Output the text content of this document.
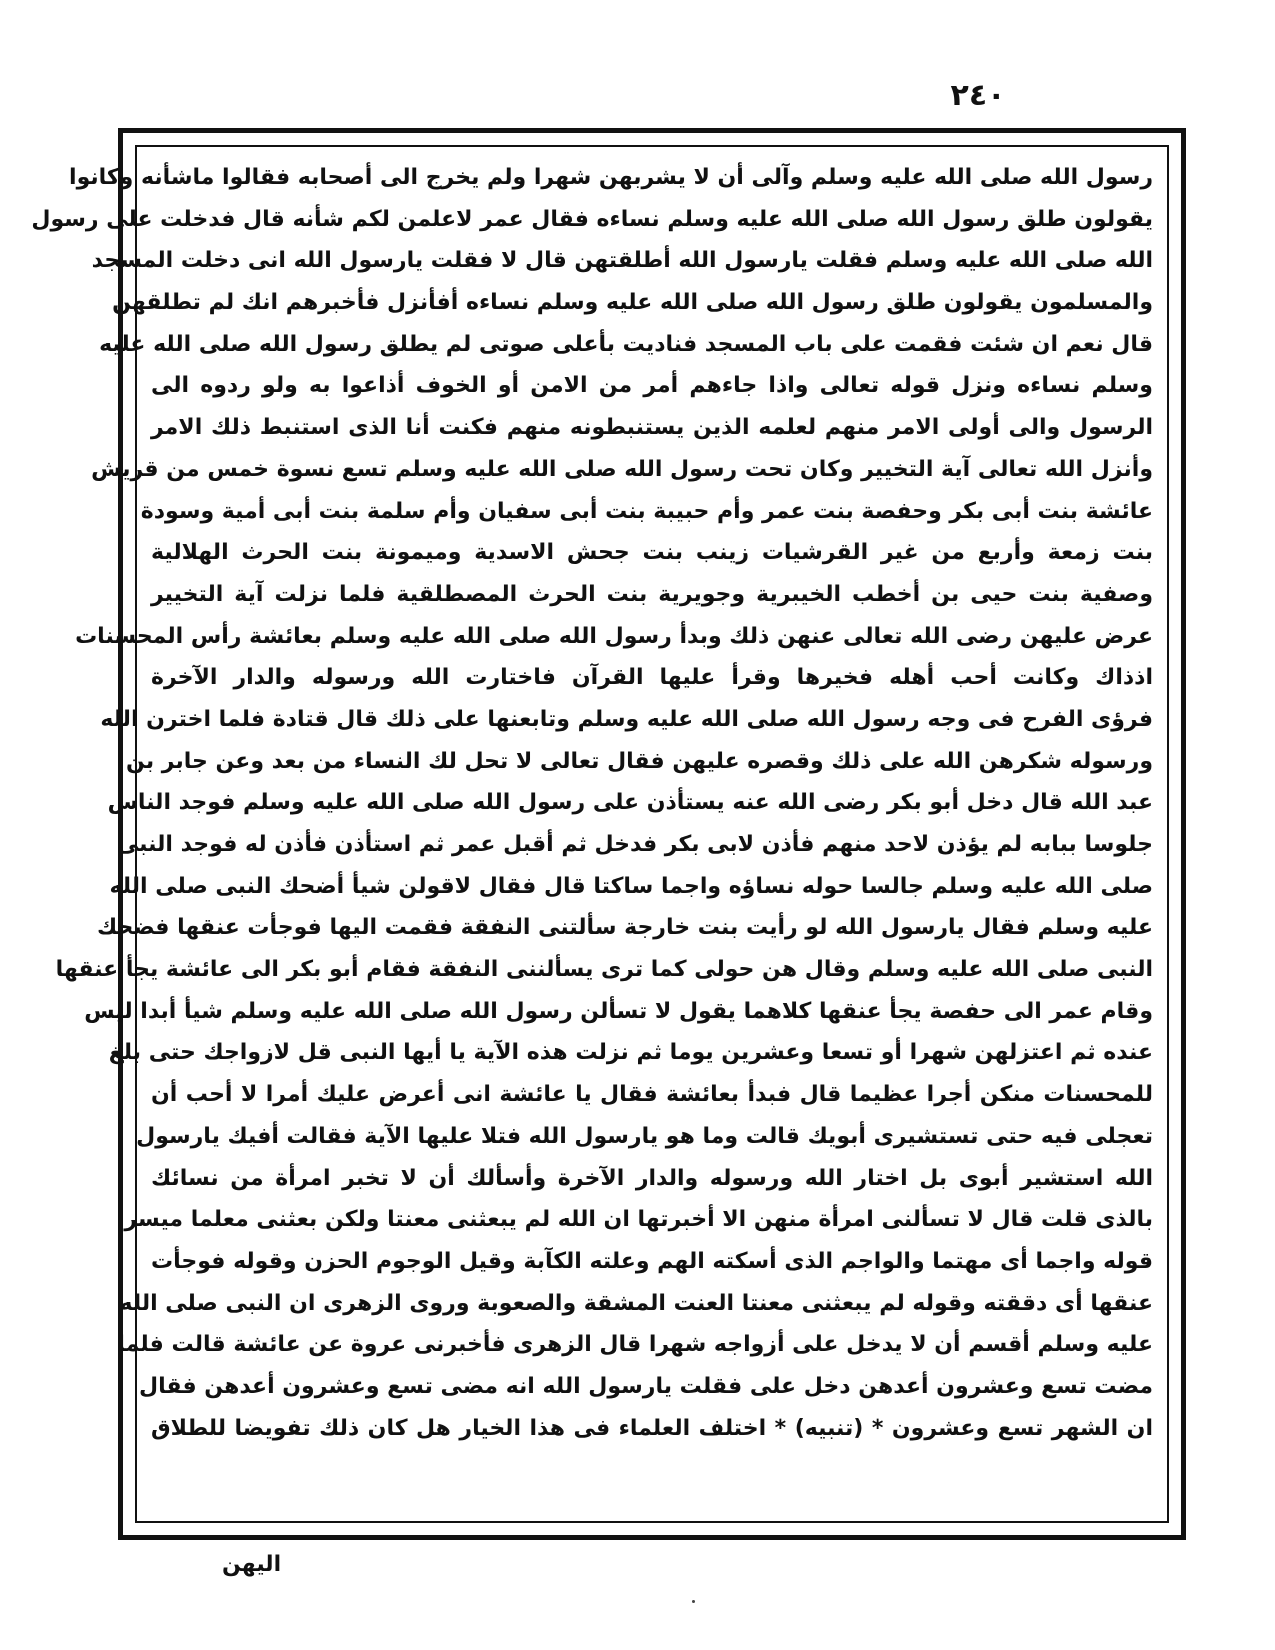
٢٤٠
رسول الله صلى الله عليه وسلم وآلى أن لا يشربهن شهرا ولم يخرج الى أصحابه فقالوا ماشأنه وكانوا
يقولون طلق رسول الله صلى الله عليه وسلم نساءه فقال عمر لاعلمن لكم شأنه قال فدخلت على رسول
الله صلى الله عليه وسلم فقلت يارسول الله أطلقتهن قال لا فقلت يارسول الله انى دخلت المسجد
والمسلمون يقولون طلق رسول الله صلى الله عليه وسلم نساءه أفأنزل فأخبرهم انك لم تطلقهن
قال نعم ان شئت فقمت على باب المسجد فناديت بأعلى صوتى لم يطلق رسول الله صلى الله عليه
وسلم نساءه ونزل قوله تعالى واذا جاءهم أمر من الامن أو الخوف أذاعوا به ولو ردوه الى
الرسول والى أولى الامر منهم لعلمه الذين يستنبطونه منهم فكنت أنا الذى استنبط ذلك الامر
وأنزل الله تعالى آية التخيير وكان تحت رسول الله صلى الله عليه وسلم تسع نسوة خمس من قريش
عائشة بنت أبى بكر وحفصة بنت عمر وأم حبيبة بنت أبى سفيان وأم سلمة بنت أبى أمية وسودة
بنت زمعة وأربع من غير القرشيات زينب بنت جحش الاسدية وميمونة بنت الحرث الهلالية
وصفية بنت حيى بن أخطب الخيبرية وجويرية بنت الحرث المصطلقية فلما نزلت آية التخيير
عرض عليهن رضى الله تعالى عنهن ذلك وبدأ رسول الله صلى الله عليه وسلم بعائشة رأس المحسنات
اذذاك وكانت أحب أهله فخيرها وقرأ عليها القرآن فاختارت الله ورسوله والدار الآخرة
فرؤى الفرح فى وجه رسول الله صلى الله عليه وسلم وتابعنها على ذلك قال قتادة فلما اخترن الله
ورسوله شكرهن الله على ذلك وقصره عليهن فقال تعالى لا تحل لك النساء من بعد وعن جابر بن
عبد الله قال دخل أبو بكر رضى الله عنه يستأذن على رسول الله صلى الله عليه وسلم فوجد الناس
جلوسا ببابه لم يؤذن لاحد منهم فأذن لابى بكر فدخل ثم أقبل عمر ثم استأذن فأذن له فوجد النبى
صلى الله عليه وسلم جالسا حوله نساؤه واجما ساكتا قال فقال لاقولن شيأ أضحك النبى صلى الله
عليه وسلم فقال يارسول الله لو رأيت بنت خارجة سألتنى النفقة فقمت اليها فوجأت عنقها فضحك
النبى صلى الله عليه وسلم وقال هن حولى كما ترى يسألننى النفقة فقام أبو بكر الى عائشة يجأ عنقها
وقام عمر الى حفصة يجأ عنقها كلاهما يقول لا تسألن رسول الله صلى الله عليه وسلم شيأ أبدا ليس
عنده ثم اعتزلهن شهرا أو تسعا وعشرين يوما ثم نزلت هذه الآية يا أيها النبى قل لازواجك حتى بلغ
للمحسنات منكن أجرا عظيما قال فبدأ بعائشة فقال يا عائشة انى أعرض عليك أمرا لا أحب أن
تعجلى فيه حتى تستشيرى أبويك قالت وما هو يارسول الله فتلا عليها الآية فقالت أفيك يارسول
الله استشير أبوى بل اختار الله ورسوله والدار الآخرة وأسألك أن لا تخبر امرأة من نسائك
بالذى قلت قال لا تسألنى امرأة منهن الا أخبرتها ان الله لم يبعثنى معنتا ولكن بعثنى معلما ميسرا
قوله واجما أى مهتما والواجم الذى أسكته الهم وعلته الكآبة وقيل الوجوم الحزن وقوله فوجأت
عنقها أى دققته وقوله لم يبعثنى معنتا العنت المشقة والصعوبة وروى الزهرى ان النبى صلى الله
عليه وسلم أقسم أن لا يدخل على أزواجه شهرا قال الزهرى فأخبرنى عروة عن عائشة قالت فلما
مضت تسع وعشرون أعدهن دخل على فقلت يارسول الله انه مضى تسع وعشرون أعدهن فقال
ان الشهر تسع وعشرون * (تنبيه) * اختلف العلماء فى هذا الخيار هل كان ذلك تفويضا للطلاق
اليهن
